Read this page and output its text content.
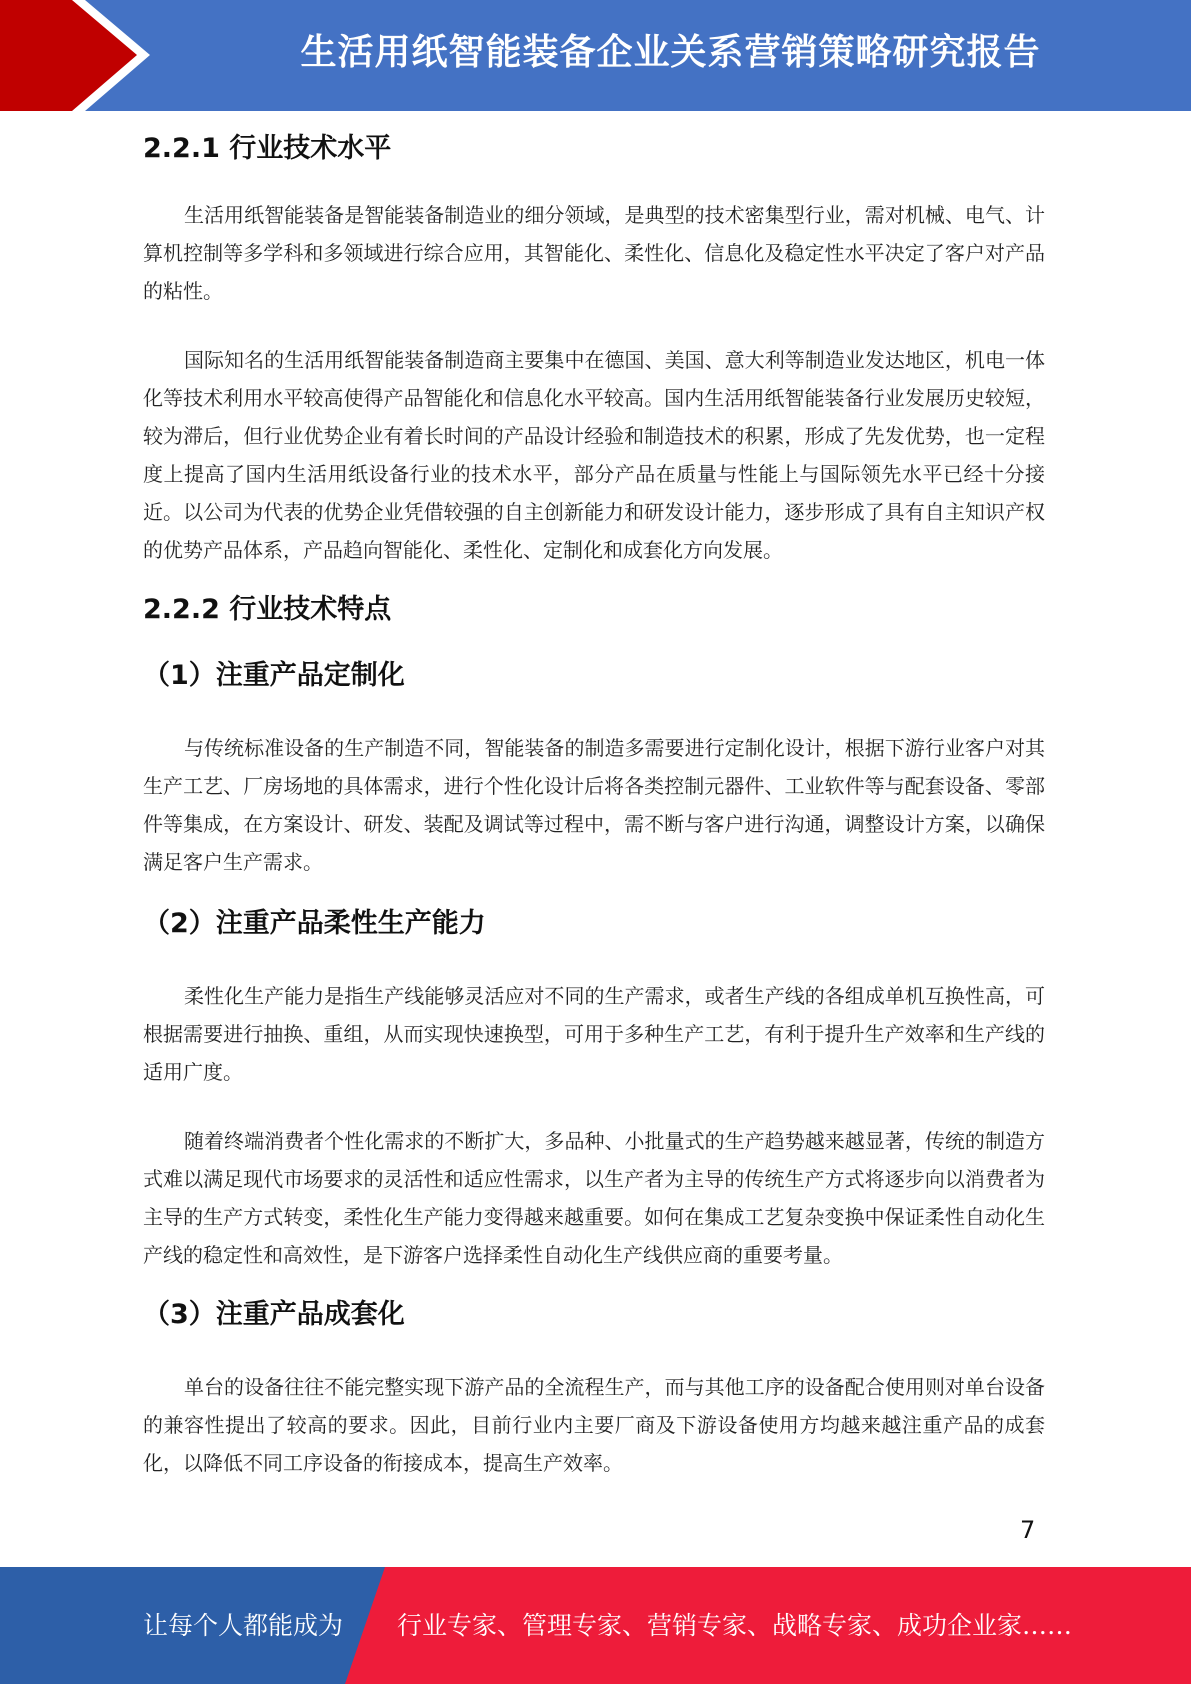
生活用纸智能装备企业关系营销策略研究报告
2.2.1 行业技术水平

生活用纸智能装备是智能装备制造业的细分领域，是典型的技术密集型行业，需对机械、电气、计算机控制等多学科和多领域进行综合应用，其智能化、柔性化、信息化及稳定性水平决定了客户对产品的粘性。

国际知名的生活用纸智能装备制造商主要集中在德国、美国、意大利等制造业发达地区，机电一体化等技术利用水平较高使得产品智能化和信息化水平较高。国内生活用纸智能装备行业发展历史较短，较为滞后，但行业优势企业有着长时间的产品设计经验和制造技术的积累，形成了先发优势，也一定程度上提高了国内生活用纸设备行业的技术水平，部分产品在质量与性能上与国际领先水平已经十分接近。以公司为代表的优势企业凭借较强的自主创新能力和研发设计能力，逐步形成了具有自主知识产权的优势产品体系，产品趋向智能化、柔性化、定制化和成套化方向发展。

2.2.2 行业技术特点
（1）注重产品定制化

与传统标准设备的生产制造不同，智能装备的制造多需要进行定制化设计，根据下游行业客户对其生产工艺、厂房场地的具体需求，进行个性化设计后将各类控制元器件、工业软件等与配套设备、零部件等集成，在方案设计、研发、装配及调试等过程中，需不断与客户进行沟通，调整设计方案，以确保满足客户生产需求。

（2）注重产品柔性生产能力

柔性化生产能力是指生产线能够灵活应对不同的生产需求，或者生产线的各组成单机互换性高，可根据需要进行抽换、重组，从而实现快速换型，可用于多种生产工艺，有利于提升生产效率和生产线的适用广度。

随着终端消费者个性化需求的不断扩大，多品种、小批量式的生产趋势越来越显著，传统的制造方式难以满足现代市场要求的灵活性和适应性需求，以生产者为主导的传统生产方式将逐步向以消费者为主导的生产方式转变，柔性化生产能力变得越来越重要。如何在集成工艺复杂变换中保证柔性自动化生产线的稳定性和高效性，是下游客户选择柔性自动化生产线供应商的重要考量。

（3）注重产品成套化

单台的设备往往不能完整实现下游产品的全流程生产，而与其他工序的设备配合使用则对单台设备的兼容性提出了较高的要求。因此，目前行业内主要厂商及下游设备使用方均越来越注重产品的成套化，以降低不同工序设备的衔接成本，提高生产效率。

7
让每个人都能成为 行业专家、管理专家、营销专家、战略专家、成功企业家……
